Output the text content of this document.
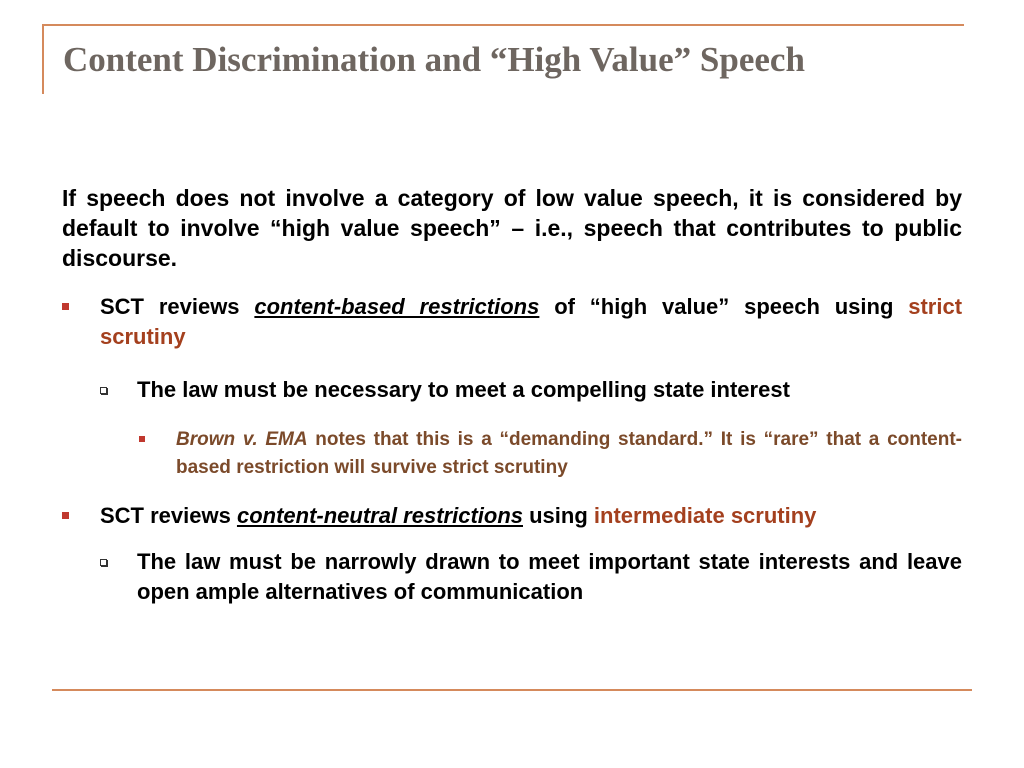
Content Discrimination and “High Value” Speech
If speech does not involve a category of low value speech, it is considered by default to involve “high value speech” – i.e., speech that contributes to public discourse.
SCT reviews content-based restrictions of “high value” speech using strict scrutiny
The law must be necessary to meet a compelling state interest
Brown v. EMA notes that this is a “demanding standard.” It is “rare” that a content-based restriction will survive strict scrutiny
SCT reviews content-neutral restrictions using intermediate scrutiny
The law must be narrowly drawn to meet important state interests and leave open ample alternatives of communication
